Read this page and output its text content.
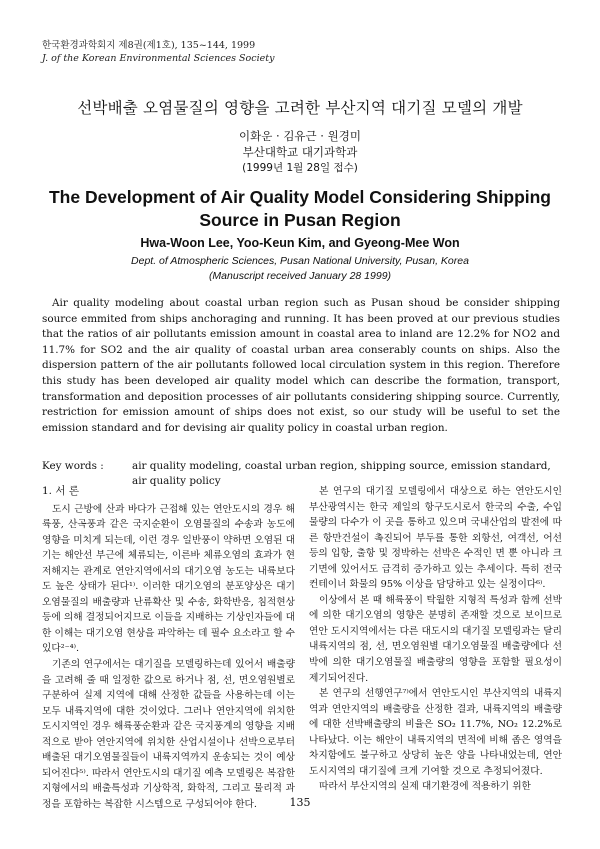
한국환경과학회지 제8권(제1호), 135~144, 1999
J. of the Korean Environmental Sciences Society
선박배출 오염물질의 영향을 고려한 부산지역 대기질 모델의 개발
이화운 · 김유근 · 원경미
부산대학교 대기과학과
(1999년 1월 28일 접수)
The Development of Air Quality Model Considering Shipping
Source in Pusan Region
Hwa-Woon Lee, Yoo-Keun Kim, and Gyeong-Mee Won
Dept. of Atmospheric Sciences, Pusan National University, Pusan, Korea
(Manuscript received January 28 1999)

Air quality modeling about coastal urban region such as Pusan shoud be consider shipping source emmited from ships anchoraging and running. It has been proved at our previous studies that the ratios of air pollutants emission amount in coastal area to inland are 12.2% for NO2 and 11.7% for SO2 and the air quality of coastal urban area conserably counts on ships. Also the dispersion pattern of the air pollutants followed local circulation system in this region. Therefore this study has been developed air quality model which can describe the formation, transport, transformation and deposition processes of air pollutants considering shipping source. Currently, restriction for emission amount of ships does not exist, so our study will be useful to set the emission standard and for devising air quality policy in coastal urban region.

Key words :	air quality modeling, coastal urban region, shipping source, emission standard, air quality policy
1. 서 론

도시 근방에 산과 바다가 근접해 있는 연안도시의 경우 해륙풍, 산곡풍과 같은 국지순환이 오염물질의 수송과 농도에 영향을 미치게 되는데, 이런 경우 일반풍이 약하면 오염된 대기는 해안선 부근에 체류되는, 이른바 체류오염의 효과가 현저해지는 관계로 연안지역에서의 대기오염 농도는 내륙보다도 높은 상태가 된다¹⁾. 이러한 대기오염의 분포양상은 대기오염물질의 배출량과 난류확산 및 수송, 화학반응, 침적현상 등에 의해 결정되어지므로 이들을 지배하는 기상인자들에 대한 이해는 대기오염 현상을 파악하는 데 필수 요소라고 할 수 있다²⁻⁴⁾.

기존의 연구에서는 대기질을 모델링하는데 있어서 배출량을 고려해 줄 때 일정한 값으로 하거나 점, 선, 면오염원별로 구분하여 실제 지역에 대해 산정한 값들을 사용하는데 이는 모두 내륙지역에 대한 것이었다. 그러나 연안지역에 위치한 도시지역인 경우 해륙풍순환과 같은 국지풍계의 영향을 지배적으로 받아 연안지역에 위치한 산업시설이나 선박으로부터 배출된 대기오염물질들이 내륙지역까지 운송되는 것이 예상되어진다⁵⁾. 따라서 연안도시의 대기질 예측 모델링은 복잡한 지형에서의 배출특성과 기상학적, 화학적, 그리고 물리적 과정을 포함하는 복잡한 시스템으로 구성되어야 한다.

본 연구의 대기질 모델링에서 대상으로 하는 연안도시인 부산광역시는 한국 제일의 항구도시로서 한국의 수출, 수입물량의 다수가 이 곳을 통하고 있으며 국내산업의 발전에 따른 항만건설이 촉진되어 부두를 통한 외항선, 여객선, 어선 등의 입항, 출항 및 정박하는 선박은 수적인 면 뿐 아니라 크기면에 있어서도 급격히 증가하고 있는 추세이다. 특히 전국 컨테이너 화물의 95% 이상을 담당하고 있는 실정이다⁶⁾.

이상에서 본 때 해륙풍이 탁월한 지형적 특성과 함께 선박에 의한 대기오염의 영향은 분명히 존재할 것으로 보이므로 연안 도시지역에서는 다른 대도시의 대기질 모델링과는 달리 내륙지역의 점, 선, 면오염원별 대기오염물질 배출량에다 선박에 의한 대기오염물질 배출량의 영향을 포함할 필요성이 제기되어진다.

본 연구의 선행연구⁷⁾에서 연안도시인 부산지역의 내륙지역과 연안지역의 배출량을 산정한 결과, 내륙지역의 배출량에 대한 선박배출량의 비율은 SO₂ 11.7%, NO₂ 12.2%로 나타났다. 이는 해안이 내륙지역의 면적에 비해 좁은 영역을 차지함에도 불구하고 상당히 높은 양을 나타내었는데, 연안 도시지역의 대기질에 크게 기여할 것으로 추정되어졌다.

따라서 부산지역의 실제 대기환경에 적용하기 위한

135
